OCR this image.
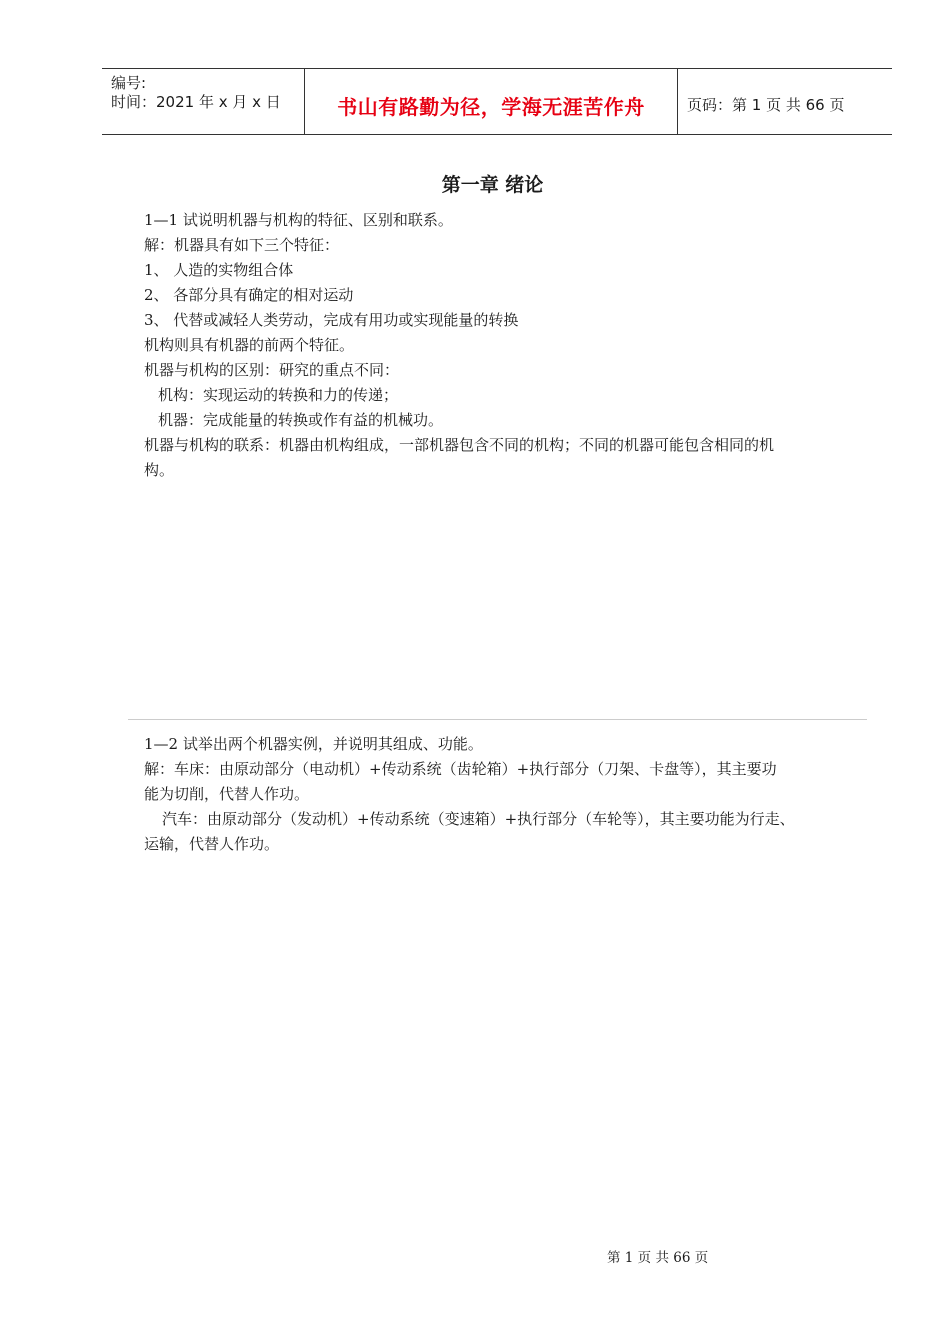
编号:
时间：2021 年 x 月 x 日	书山有路勤为径，学海无涯苦作舟	页码：第 1 页 共 66 页
第一章 绪论
1—1 试说明机器与机构的特征、区别和联系。
解：机器具有如下三个特征：
1、 人造的实物组合体
2、 各部分具有确定的相对运动
3、 代替或减轻人类劳动，完成有用功或实现能量的转换
机构则具有机器的前两个特征。
机器与机构的区别：研究的重点不同：
机构：实现运动的转换和力的传递；
机器：完成能量的转换或作有益的机械功。
机器与机构的联系：机器由机构组成，一部机器包含不同的机构；不同的机器可能包含相同的机
构。
1—2 试举出两个机器实例，并说明其组成、功能。
解：车床：由原动部分（电动机）+传动系统（齿轮箱）+执行部分（刀架、卡盘等），其主要功
能为切削，代替人作功。
汽车：由原动部分（发动机）+传动系统（变速箱）+执行部分（车轮等），其主要功能为行走、
运输，代替人作功。
第 1 页 共 66 页
